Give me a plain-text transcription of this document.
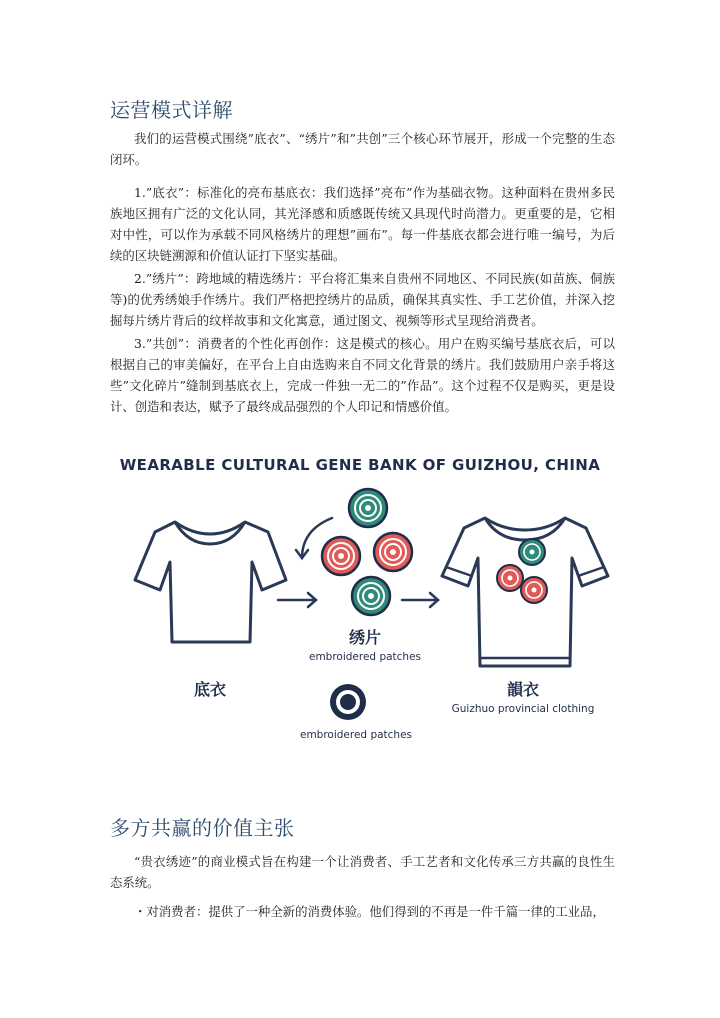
运营模式详解

我们的运营模式围绕”底衣”、“绣片”和”共创”三个核心环节展开，形成一个完整的生态闭环。

1.”底衣”：标准化的亮布基底衣：我们选择”亮布”作为基础衣物。这种面料在贵州多民族地区拥有广泛的文化认同，其光泽感和质感既传统又具现代时尚潜力。更重要的是，它相对中性，可以作为承载不同风格绣片的理想”画布”。每一件基底衣都会进行唯一编号，为后续的区块链溯源和价值认证打下坚实基础。

2.”绣片”：跨地域的精选绣片：平台将汇集来自贵州不同地区、不同民族(如苗族、侗族等)的优秀绣娘手作绣片。我们严格把控绣片的品质，确保其真实性、手工艺价值，并深入挖掘每片绣片背后的纹样故事和文化寓意，通过图文、视频等形式呈现给消费者。

3.”共创”：消费者的个性化再创作：这是模式的核心。用户在购买编号基底衣后，可以根据自己的审美偏好，在平台上自由选购来自不同文化背景的绣片。我们鼓励用户亲手将这些”文化碎片”缝制到基底衣上，完成一件独一无二的”作品”。这个过程不仅是购买，更是设计、创造和表达，赋予了最终成品强烈的个人印记和情感价值。

WEARABLE CULTURAL GENE BANK OF GUIZHOU, CHINA
底衣
绣片
embroidered patches
韻衣
Guizhuo provincial clothing
embroidered patches
多方共赢的价值主张

“贵衣绣迹”的商业模式旨在构建一个让消费者、手工艺者和文化传承三方共赢的良性生态系统。

・对消费者：提供了一种全新的消费体验。他们得到的不再是一件千篇一律的工业品，
